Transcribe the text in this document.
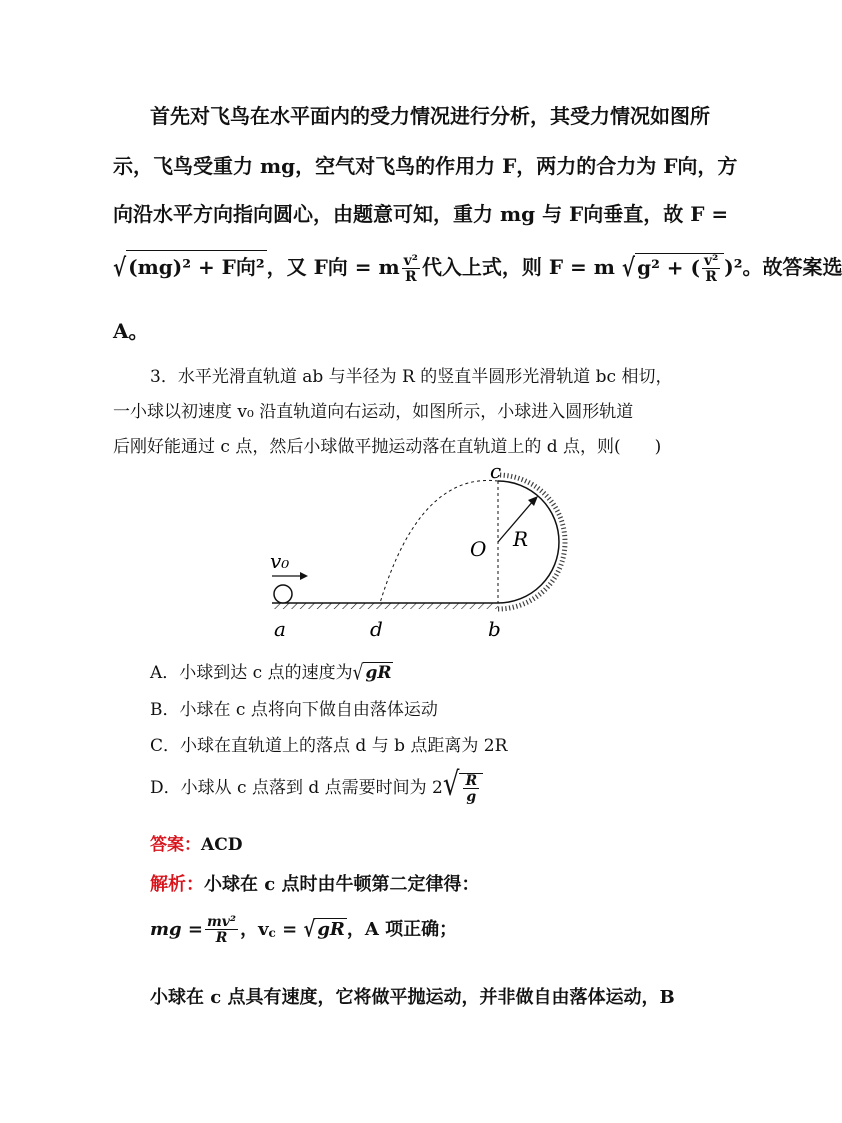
首先对飞鸟在水平面内的受力情况进行分析，其受力情况如图所
示，飞鸟受重力 mg，空气对飞鸟的作用力 F，两力的合力为 F向，方
向沿水平方向指向圆心，由题意可知，重力 mg 与 F向垂直，故 F =
√ (mg)² + F向² ，又 F向 = m $\frac{\text{v²}}{R}$ 代入上式，则 F = m √ g² + ( $\frac{\text{v²}}{R} )^2$。故答案选
A。
3．水平光滑直轨道 ab 与半径为 R 的竖直半圆形光滑轨道 bc 相切，
一小球以初速度 v₀ 沿直轨道向右运动，如图所示，小球进入圆形轨道
后刚好能通过 c 点，然后小球做平抛运动落在直轨道上的 d 点，则(　　)
v₀
a	d	b
c
O R
A．小球到达 c 点的速度为√ gR
B．小球在 c 点将向下做自由落体运动
C．小球在直轨道上的落点 d 与 b 点距离为 2R
D．小球从 c 点落到 d 点需要时间为 $2√ \frac{R}{g}$
答案：ACD
解析：小球在 c 点时由牛顿第二定律得：
mg = $\frac{\text{mv²}}{R}$ ，vc = √ gR ，A 项正确；
小球在 c 点具有速度，它将做平抛运动，并非做自由落体运动，B
